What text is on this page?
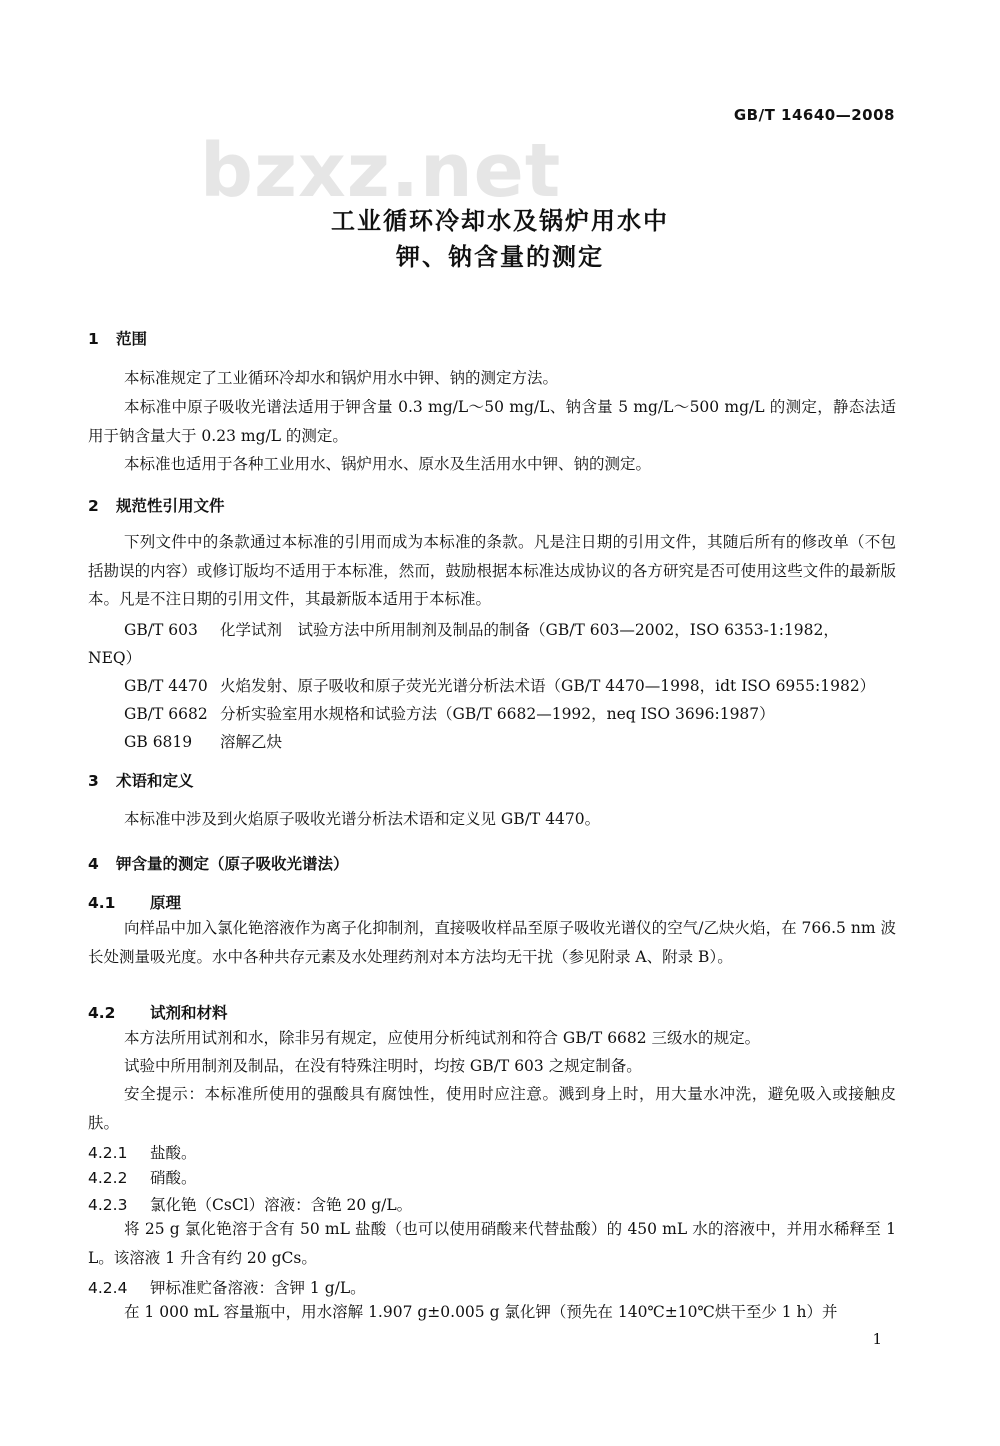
GB/T 14640—2008
bzxz.net
工业循环冷却水及锅炉用水中
钾、钠含量的测定
1 范围
本标准规定了工业循环冷却水和锅炉用水中钾、钠的测定方法。
本标准中原子吸收光谱法适用于钾含量 0.3 mg/L～50 mg/L、钠含量 5 mg/L～500 mg/L 的测定，静态法适用于钠含量大于 0.23 mg/L 的测定。
本标准也适用于各种工业用水、锅炉用水、原水及生活用水中钾、钠的测定。
2 规范性引用文件
下列文件中的条款通过本标准的引用而成为本标准的条款。凡是注日期的引用文件，其随后所有的修改单（不包括勘误的内容）或修订版均不适用于本标准，然而，鼓励根据本标准达成协议的各方研究是否可使用这些文件的最新版本。凡是不注日期的引用文件，其最新版本适用于本标准。
GB/T 603 化学试剂　试验方法中所用制剂及制品的制备（GB/T 603—2002，ISO 6353-1:1982，
NEQ）
GB/T 4470 火焰发射、原子吸收和原子荧光光谱分析法术语（GB/T 4470—1998，idt ISO 6955:1982）
GB/T 6682 分析实验室用水规格和试验方法（GB/T 6682—1992，neq ISO 3696:1987）
GB 6819 溶解乙炔
3 术语和定义
本标准中涉及到火焰原子吸收光谱分析法术语和定义见 GB/T 4470。
4 钾含量的测定（原子吸收光谱法）
4.1 原理
向样品中加入氯化铯溶液作为离子化抑制剂，直接吸收样品至原子吸收光谱仪的空气/乙炔火焰，在 766.5 nm 波长处测量吸光度。水中各种共存元素及水处理药剂对本方法均无干扰（参见附录 A、附录 B）。
4.2 试剂和材料
本方法所用试剂和水，除非另有规定，应使用分析纯试剂和符合 GB/T 6682 三级水的规定。
试验中所用制剂及制品，在没有特殊注明时，均按 GB/T 603 之规定制备。
安全提示：本标准所使用的强酸具有腐蚀性，使用时应注意。溅到身上时，用大量水冲洗，避免吸入或接触皮肤。
4.2.1 盐酸。
4.2.2 硝酸。
4.2.3 氯化铯（CsCl）溶液：含铯 20 g/L。
将 25 g 氯化铯溶于含有 50 mL 盐酸（也可以使用硝酸来代替盐酸）的 450 mL 水的溶液中，并用水稀释至 1 L。该溶液 1 升含有约 20 gCs。
4.2.4 钾标准贮备溶液：含钾 1 g/L。
在 1 000 mL 容量瓶中，用水溶解 1.907 g±0.005 g 氯化钾（预先在 140℃±10℃烘干至少 1 h）并
1
